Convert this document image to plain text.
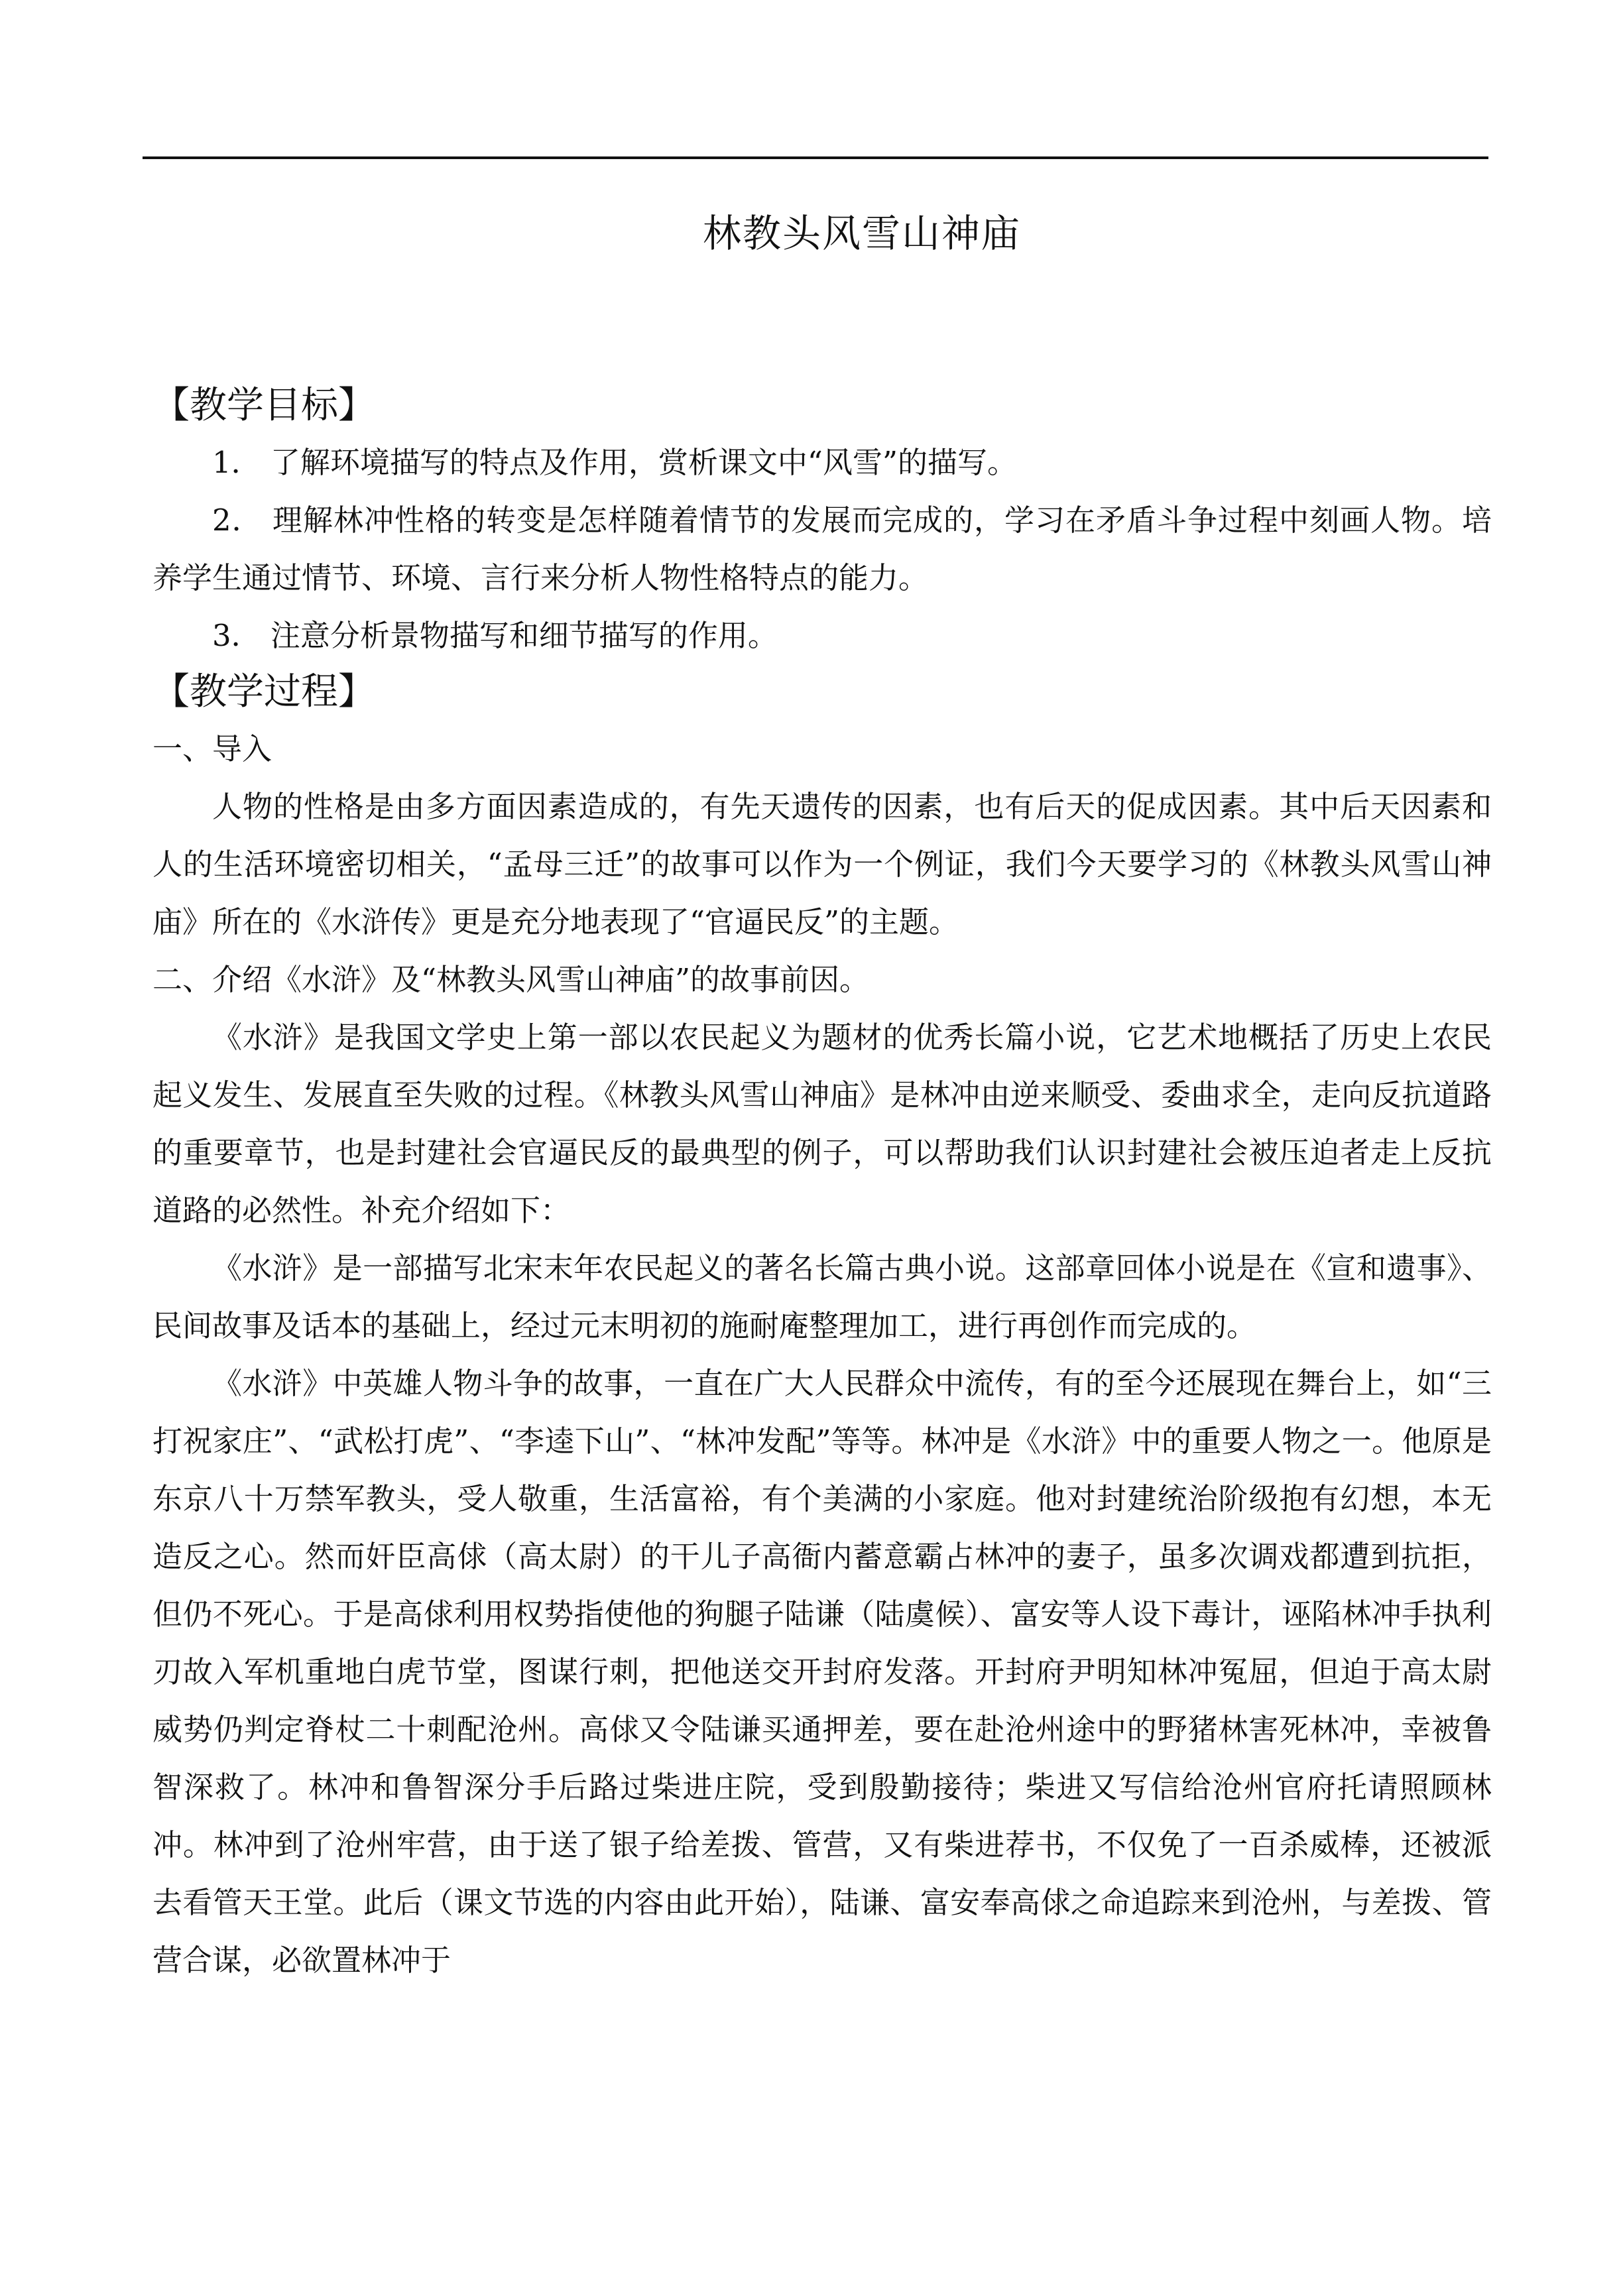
林教头风雪山神庙

【教学目标】

1． 了解环境描写的特点及作用，赏析课文中“风雪”的描写。

2． 理解林冲性格的转变是怎样随着情节的发展而完成的，学习在矛盾斗争过程中刻画人物。培养学生通过情节、环境、言行来分析人物性格特点的能力。

3． 注意分析景物描写和细节描写的作用。

【教学过程】

一、导入

人物的性格是由多方面因素造成的，有先天遗传的因素，也有后天的促成因素。其中后天因素和人的生活环境密切相关，“孟母三迁”的故事可以作为一个例证，我们今天要学习的《林教头风雪山神庙》所在的《水浒传》更是充分地表现了“官逼民反”的主题。

二、介绍《水浒》及“林教头风雪山神庙”的故事前因。

《水浒》是我国文学史上第一部以农民起义为题材的优秀长篇小说，它艺术地概括了历史上农民起义发生、发展直至失败的过程。《林教头风雪山神庙》是林冲由逆来顺受、委曲求全，走向反抗道路的重要章节，也是封建社会官逼民反的最典型的例子，可以帮助我们认识封建社会被压迫者走上反抗道路的必然性。补充介绍如下：

《水浒》是一部描写北宋末年农民起义的著名长篇古典小说。这部章回体小说是在《宣和遗事》、民间故事及话本的基础上，经过元末明初的施耐庵整理加工，进行再创作而完成的。

《水浒》中英雄人物斗争的故事，一直在广大人民群众中流传，有的至今还展现在舞台上，如“三打祝家庄”、“武松打虎”、“李逵下山”、“林冲发配”等等。林冲是《水浒》中的重要人物之一。他原是东京八十万禁军教头，受人敬重，生活富裕，有个美满的小家庭。他对封建统治阶级抱有幻想，本无造反之心。然而奸臣高俅（高太尉）的干儿子高衙内蓄意霸占林冲的妻子，虽多次调戏都遭到抗拒，但仍不死心。于是高俅利用权势指使他的狗腿子陆谦（陆虞候）、富安等人设下毒计，诬陷林冲手执利刃故入军机重地白虎节堂，图谋行刺，把他送交开封府发落。开封府尹明知林冲冤屈，但迫于高太尉威势仍判定脊杖二十刺配沧州。高俅又令陆谦买通押差，要在赴沧州途中的野猪林害死林冲，幸被鲁智深救了。林冲和鲁智深分手后路过柴进庄院，受到殷勤接待；柴进又写信给沧州官府托请照顾林冲。林冲到了沧州牢营，由于送了银子给差拨、管营，又有柴进荐书，不仅免了一百杀威棒，还被派去看管天王堂。此后（课文节选的内容由此开始），陆谦、富安奉高俅之命追踪来到沧州，与差拨、管营合谋，必欲置林冲于
